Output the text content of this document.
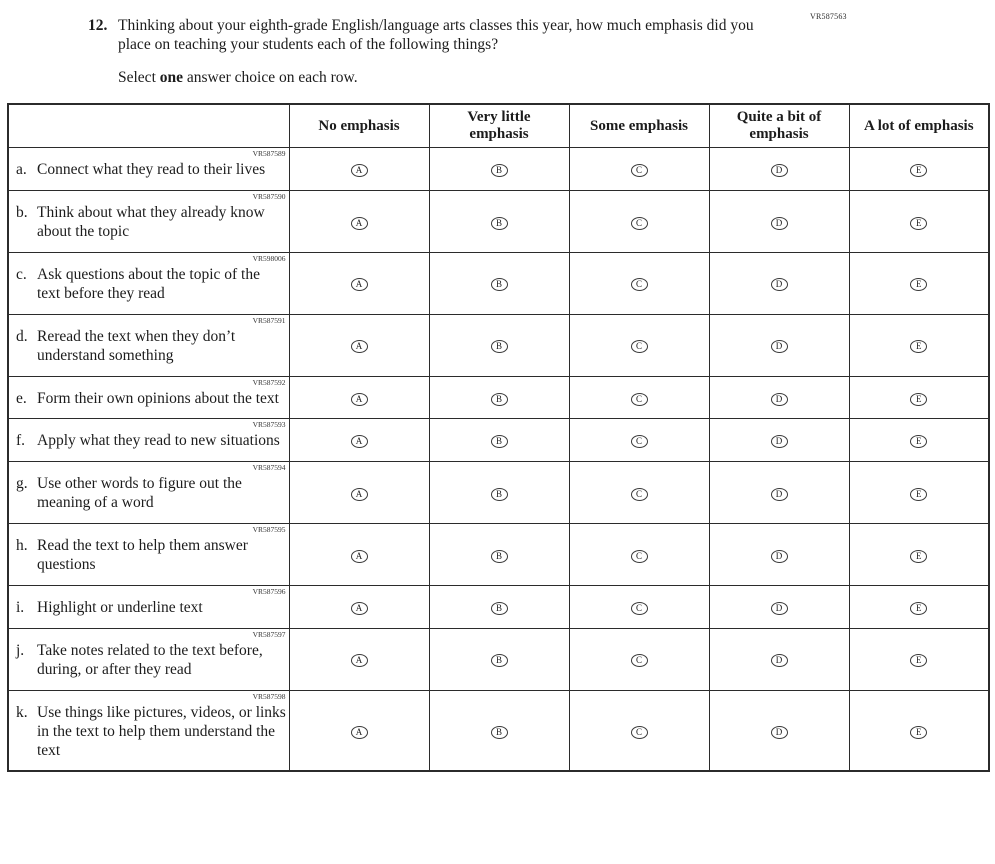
VR587563
12. Thinking about your eighth-grade English/language arts classes this year, how much emphasis did you place on teaching your students each of the following things?

Select one answer choice on each row.

	No emphasis	Very little emphasis	Some emphasis	Quite a bit of emphasis	A lot of emphasis

VR587589
a. Connect what they read to their lives	A	B	C	D	E

VR587590
b. Think about what they already know about the topic	A	B	C	D	E

VR598006
c. Ask questions about the topic of the text before they read	A	B	C	D	E

VR587591
d. Reread the text when they don’t understand something	A	B	C	D	E

VR587592
e. Form their own opinions about the text	A	B	C	D	E

VR587593
f. Apply what they read to new situations	A	B	C	D	E

VR587594
g. Use other words to figure out the meaning of a word	A	B	C	D	E

VR587595
h. Read the text to help them answer questions	A	B	C	D	E

VR587596
i. Highlight or underline text	A	B	C	D	E

VR587597
j. Take notes related to the text before, during, or after they read	A	B	C	D	E

VR587598
k. Use things like pictures, videos, or links in the text to help them understand the text	A	B	C	D	E
